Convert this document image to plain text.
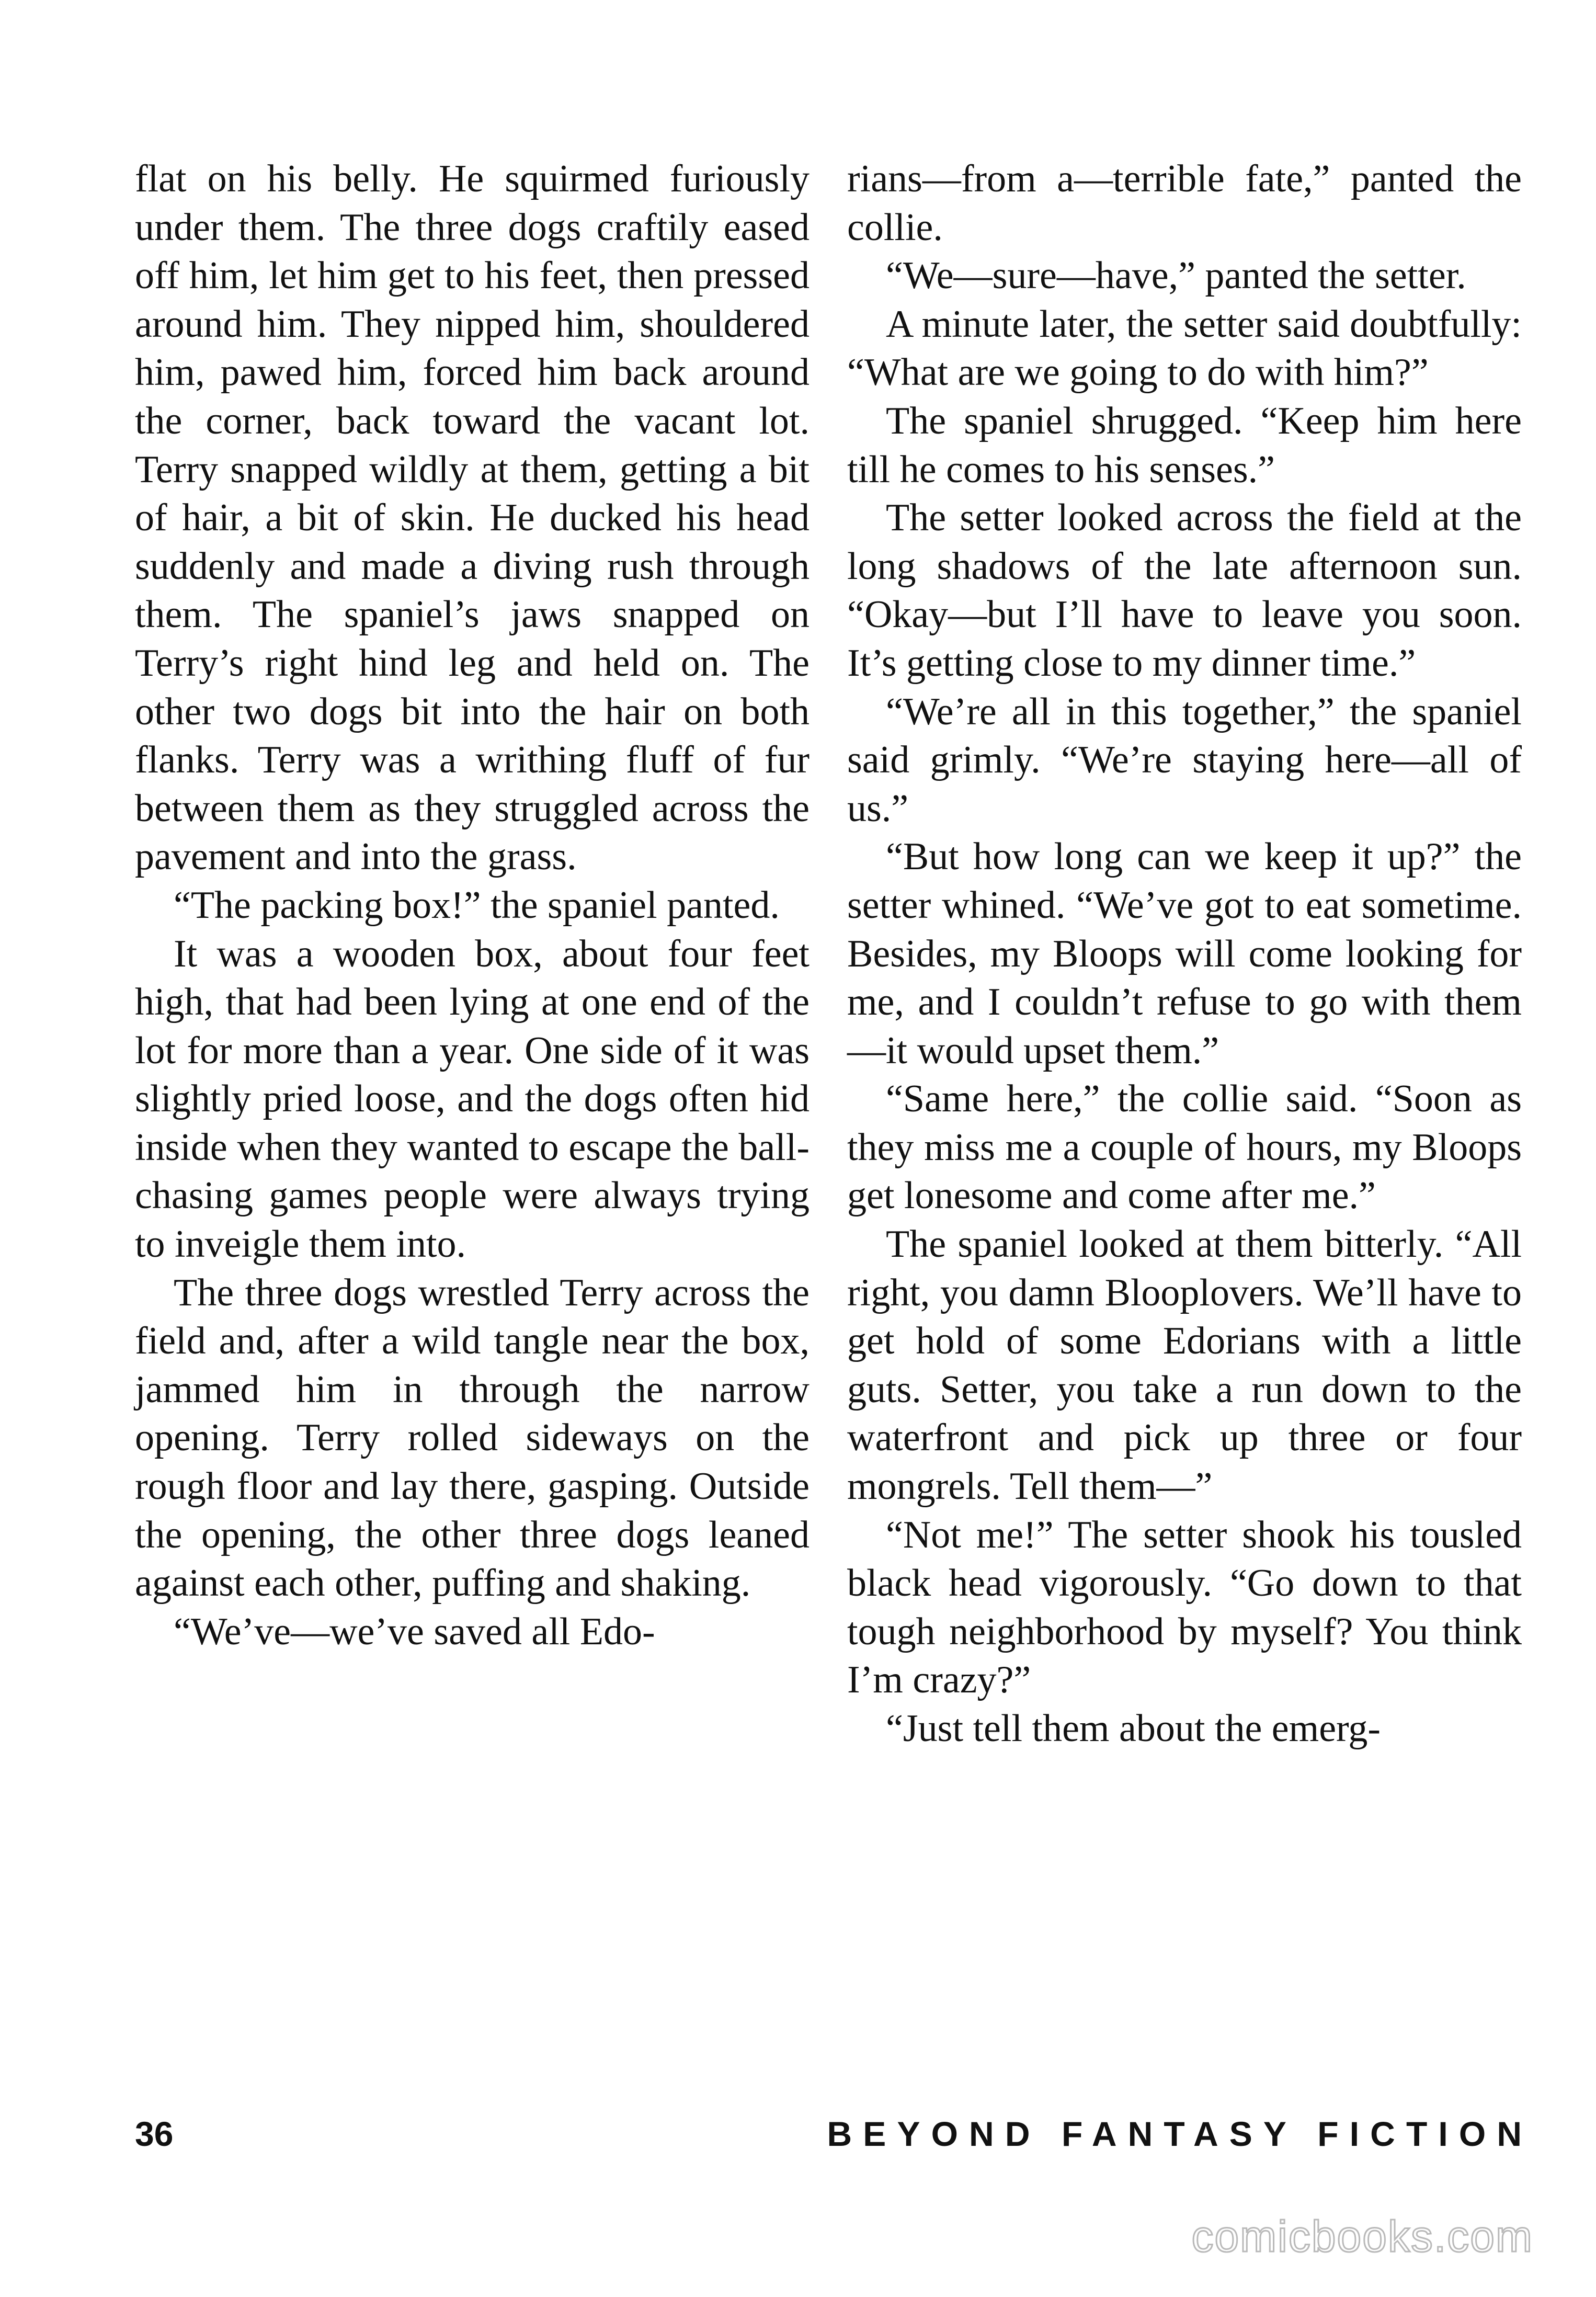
flat on his belly. He squirmed furiously under them. The three dogs craftily eased off him, let him get to his feet, then pressed around him. They nipped him, shouldered him, pawed him, forced him back around the corner, back toward the vacant lot. Terry snapped wildly at them, getting a bit of hair, a bit of skin. He ducked his head suddenly and made a diving rush through them. The spaniel’s jaws snapped on Terry’s right hind leg and held on. The other two dogs bit into the hair on both flanks. Terry was a writhing fluff of fur between them as they struggled across the pavement and into the grass.

“The packing box!” the spaniel panted.

It was a wooden box, about four feet high, that had been lying at one end of the lot for more than a year. One side of it was slightly pried loose, and the dogs often hid inside when they wanted to escape the ball-chasing games people were always trying to inveigle them into.

The three dogs wrestled Terry across the field and, after a wild tangle near the box, jammed him in through the narrow opening. Terry rolled sideways on the rough floor and lay there, gasping. Outside the opening, the other three dogs leaned against each other, puffing and shaking.

“We’ve—we’ve saved all Edo-

rians—from a—terrible fate,” panted the collie.

“We—sure—have,” panted the setter.

A minute later, the setter said doubtfully: “What are we going to do with him?”

The spaniel shrugged. “Keep him here till he comes to his senses.”

The setter looked across the field at the long shadows of the late afternoon sun. “Okay—but I’ll have to leave you soon. It’s getting close to my dinner time.”

“We’re all in this together,” the spaniel said grimly. “We’re staying here—all of us.”

“But how long can we keep it up?” the setter whined. “We’ve got to eat sometime. Besides, my Bloops will come looking for me, and I couldn’t refuse to go with them—it would upset them.”

“Same here,” the collie said. “Soon as they miss me a couple of hours, my Bloops get lonesome and come after me.”

The spaniel looked at them bitterly. “All right, you damn Blooplovers. We’ll have to get hold of some Edorians with a little guts. Setter, you take a run down to the waterfront and pick up three or four mongrels. Tell them—”

“Not me!” The setter shook his tousled black head vigorously. “Go down to that tough neighborhood by myself? You think I’m crazy?”

“Just tell them about the emerg-

36	BEYOND FANTASY FICTION
comicbooks.com
